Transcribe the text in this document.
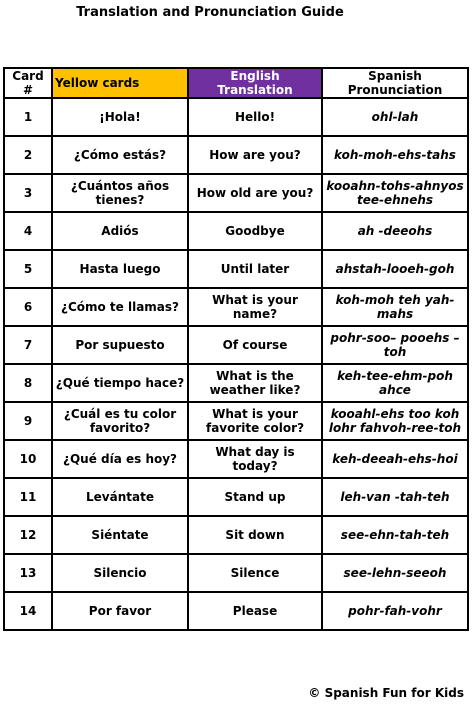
Translation and Pronunciation Guide
Card #	Yellow cards	English Translation	Spanish Pronunciation
1	¡Hola!	Hello!	ohl-lah
2	¿Cómo estás?	How are you?	koh-moh-ehs-tahs
3	¿Cuántos años tienes?	How old are you?	kooahn-tohs-ahnyos tee-ehnehs
4	Adiós	Goodbye	ah -deeohs
5	Hasta luego	Until later	ahstah-looeh-goh
6	¿Cómo te llamas?	What is your name?	koh-moh teh yah-mahs
7	Por supuesto	Of course	pohr-soo– pooehs –toh
8	¿Qué tiempo hace?	What is the weather like?	keh-tee-ehm-poh ahce
9	¿Cuál es tu color favorito?	What is your favorite color?	kooahl-ehs too koh lohr fahvoh-ree-toh
10	¿Qué día es hoy?	What day is today?	keh-deeah-ehs-hoi
11	Levántate	Stand up	leh-van -tah-teh
12	Siéntate	Sit down	see-ehn-tah-teh
13	Silencio	Silence	see-lehn-seeoh
14	Por favor	Please	pohr-fah-vohr
© Spanish Fun for Kids
